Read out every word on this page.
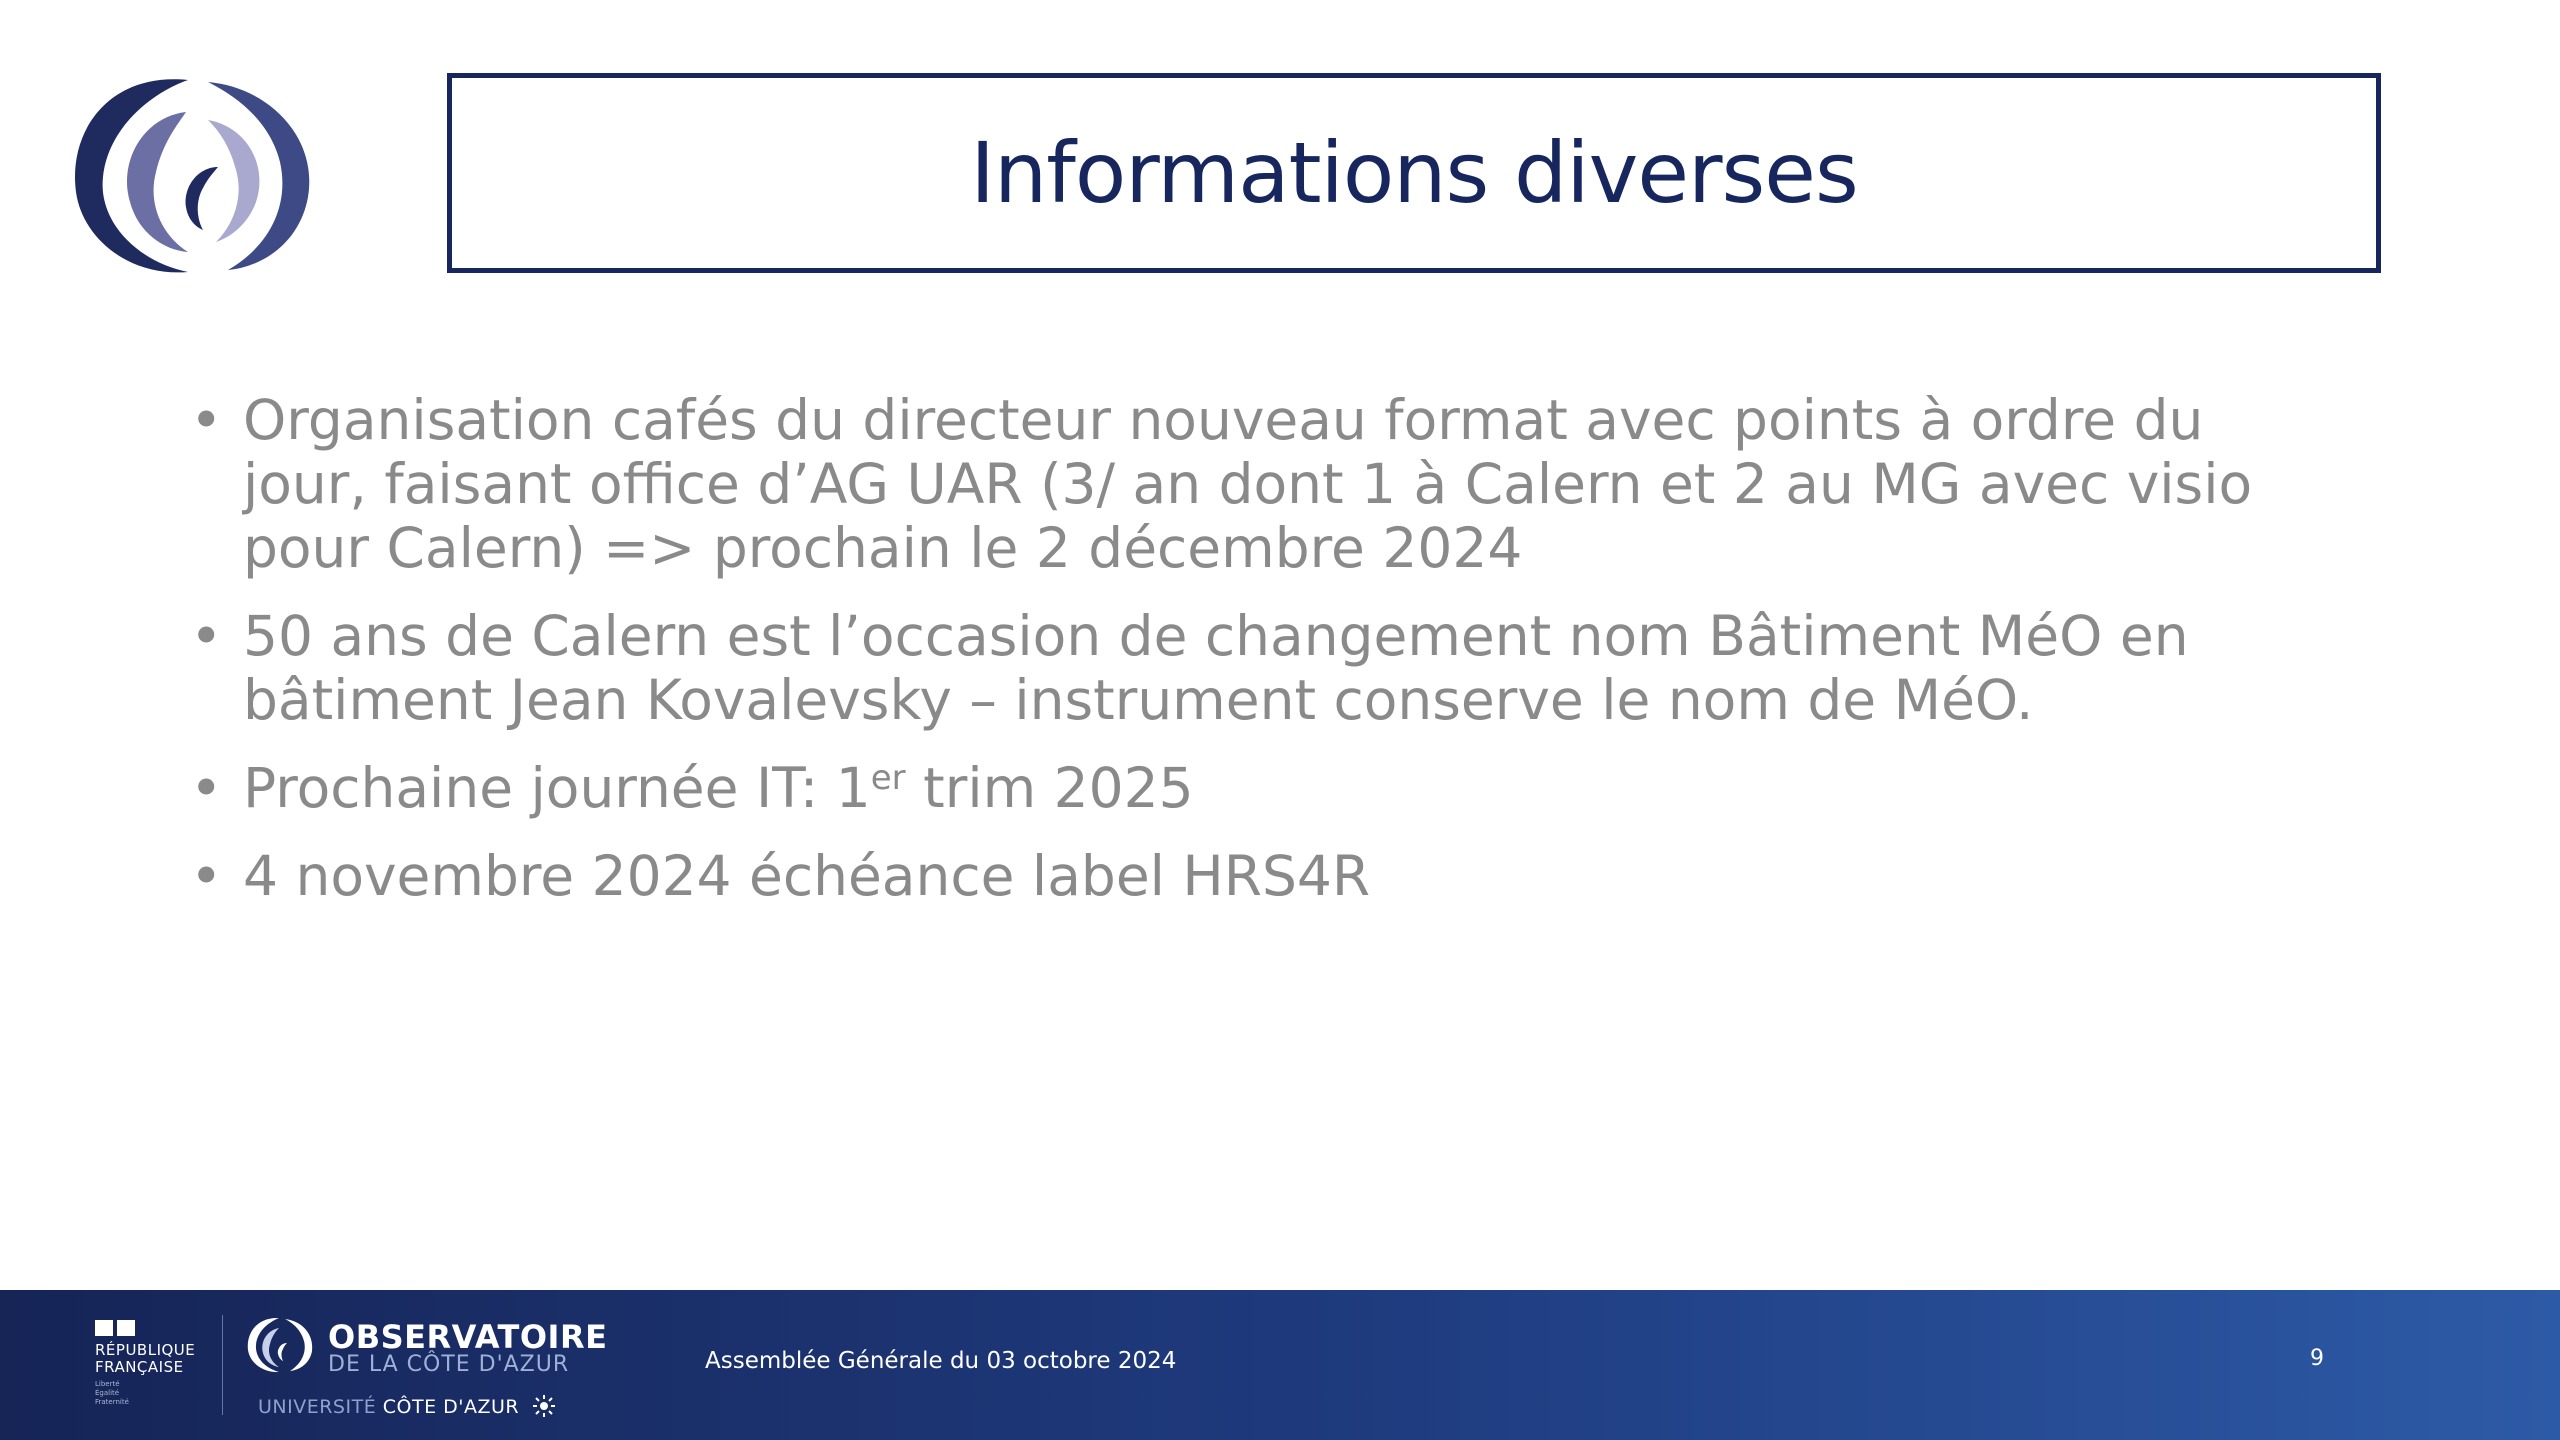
Informations diverses
• Organisation cafés du directeur nouveau format avec points à ordre du
jour, faisant office d’AG UAR (3/ an dont 1 à Calern et 2 au MG avec visio
pour Calern) => prochain le 2 décembre 2024
• 50 ans de Calern est l’occasion de changement nom Bâtiment MéO en
bâtiment Jean Kovalevsky – instrument conserve le nom de MéO.
• Prochaine journée IT: 1er trim 2025
• 4 novembre 2024 échéance label HRS4R
RÉPUBLIQUE
FRANÇAISE
Liberté
Égalité
Fraternité
OBSERVATOIRE
DE LA CÔTE D'AZUR
UNIVERSITÉ CÔTE D'AZUR
Assemblée Générale du 03 octobre 2024	9
